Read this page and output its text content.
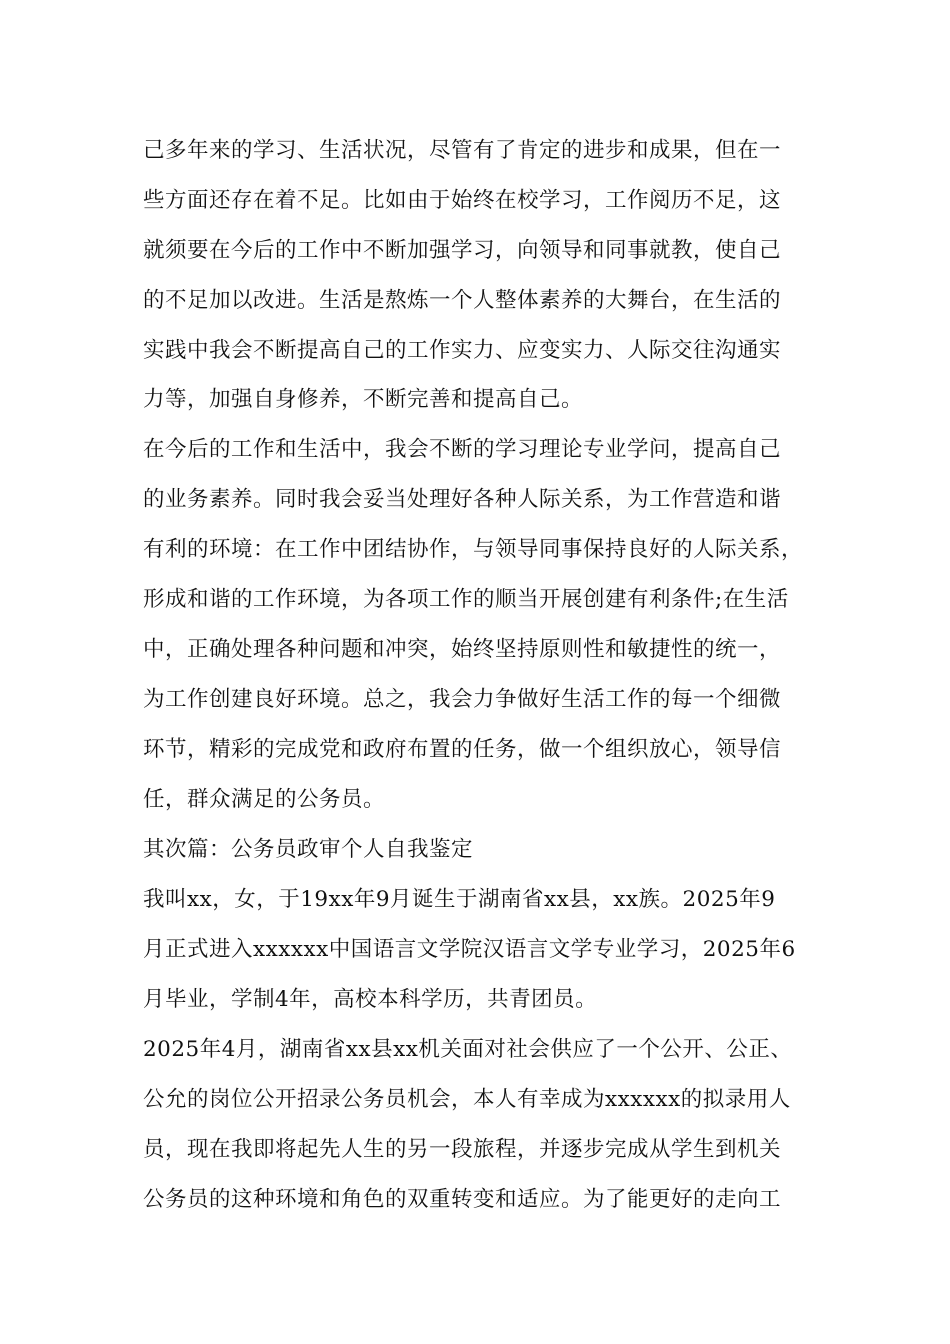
己多年来的学习、生活状况，尽管有了肯定的进步和成果，但在一
些方面还存在着不足。比如由于始终在校学习，工作阅历不足，这
就须要在今后的工作中不断加强学习，向领导和同事就教，使自己
的不足加以改进。生活是熬炼一个人整体素养的大舞台，在生活的
实践中我会不断提高自己的工作实力、应变实力、人际交往沟通实
力等，加强自身修养，不断完善和提高自己。
在今后的工作和生活中，我会不断的学习理论专业学问，提高自己
的业务素养。同时我会妥当处理好各种人际关系，为工作营造和谐
有利的环境：在工作中团结协作，与领导同事保持良好的人际关系，
形成和谐的工作环境，为各项工作的顺当开展创建有利条件;在生活
中，正确处理各种问题和冲突，始终坚持原则性和敏捷性的统一，
为工作创建良好环境。总之，我会力争做好生活工作的每一个细微
环节，精彩的完成党和政府布置的任务，做一个组织放心，领导信
任，群众满足的公务员。
其次篇：公务员政审个人自我鉴定
我叫xx，女，于19xx年9月诞生于湖南省xx县，xx族。2025年9
月正式进入xxxxxx中国语言文学院汉语言文学专业学习，2025年6
月毕业，学制4年，高校本科学历，共青团员。
2025年4月，湖南省xx县xx机关面对社会供应了一个公开、公正、
公允的岗位公开招录公务员机会，本人有幸成为xxxxxx的拟录用人
员，现在我即将起先人生的另一段旅程，并逐步完成从学生到机关
公务员的这种环境和角色的双重转变和适应。为了能更好的走向工
